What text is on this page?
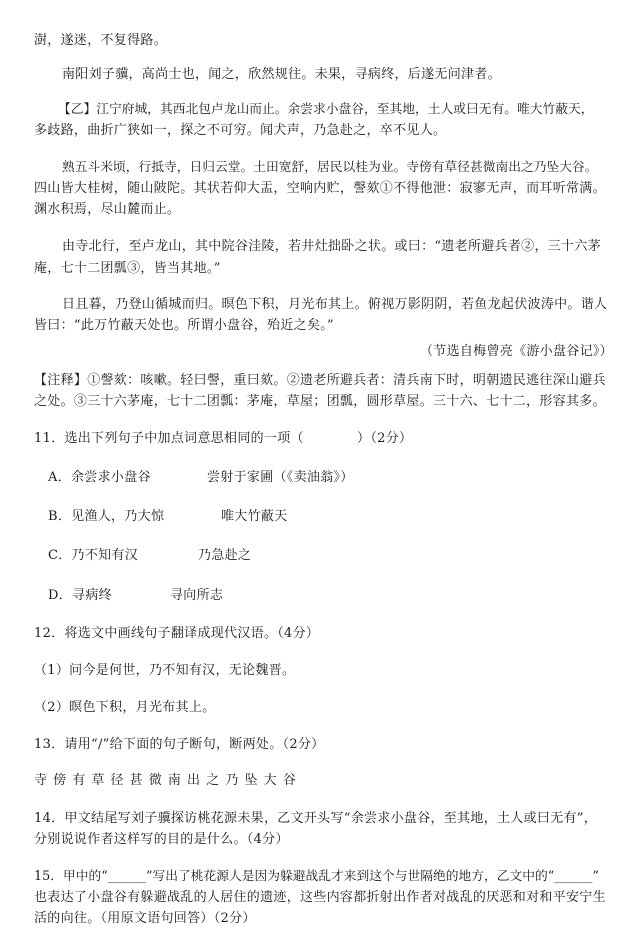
澍，遂迷，不复得路。
南阳刘子骥，高尚士也，闻之，欣然规往。未果，寻病终，后遂无问津者。
【乙】江宁府城，其西北包卢龙山而止。余尝求小盘谷，至其地，土人或曰无有。唯大竹蔽天，
多歧路，曲折广狭如一，探之不可穷。闻犬声，乃急赴之，卒不见人。
熟五斗米顷，行抵寺，日归云堂。土田宽舒，居民以桂为业。寺傍有草径甚微南出之乃坠大谷。
四山皆大桂树，随山陂陀。其状若仰大盂，空响内贮，謦欬①不得他泄：寂寥无声，而耳听常满。
渊水积焉，尽山麓而止。
由寺北行，至卢龙山，其中院谷洼陵，若井灶拙卧之状。或曰：“遗老所避兵者②，三十六茅
庵，七十二团瓢③，皆当其地。”
日且暮，乃登山循城而归。暝色下积，月光布其上。俯视万影阴阴，若鱼龙起伏波涛中。谐人
皆曰：“此万竹蔽天处也。所谓小盘谷，殆近之矣。”
（节选自梅曾亮《游小盘谷记》）
【注释】①謦欬：咳嗽。轻曰謦，重曰欬。②遗老所避兵者：清兵南下时，明朝遗民逃往深山避兵
之处。③三十六茅庵，七十二团瓢：茅庵，草屋；团瓢，圆形草屋。三十六、七十二，形容其多。
11．选出下列句子中加点词意思相同的一项（　　　　）（2分）
A．余尝求小盘谷	尝射于家圃（《卖油翁》）
B．见渔人，乃大惊	唯大竹蔽天
C．乃不知有汉	乃急赴之
D．寻病终	寻向所志
12．将选文中画线句子翻译成现代汉语。（4分）
（1）问今是何世，乃不知有汉，无论魏晋。
（2）暝色下积，月光布其上。
13．请用“/”给下面的句子断句，断两处。（2分）
寺 傍 有 草 径 甚 微 南 出 之 乃 坠 大 谷
14．甲文结尾写刘子骥探访桃花源未果，乙文开头写“余尝求小盘谷，至其地，土人或曰无有”，
分别说说作者这样写的目的是什么。（4分）
15．甲中的“______”写出了桃花源人是因为躲避战乱才来到这个与世隔绝的地方，乙文中的“______”
也表达了小盘谷有躲避战乱的人居住的遗迹，这些内容都折射出作者对战乱的厌恶和对和平安宁生
活的向往。（用原文语句回答）（2分）
